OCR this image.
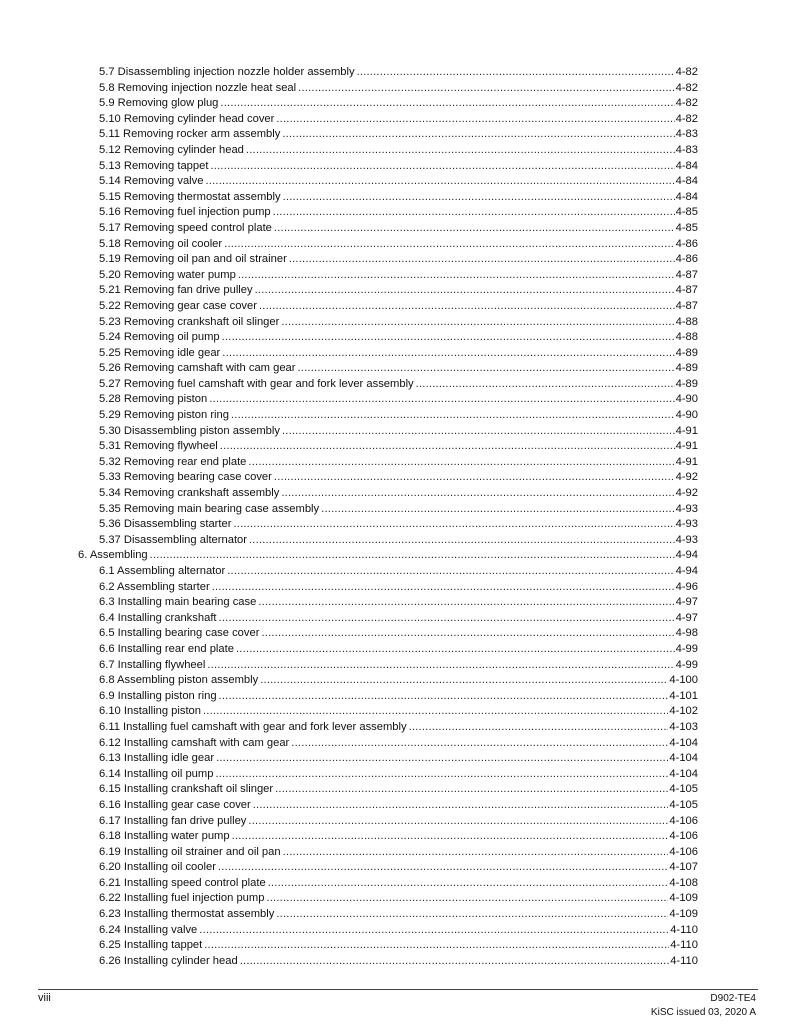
5.7 Disassembling injection nozzle holder assembly .....	4-82
5.8 Removing injection nozzle heat seal .....	4-82
5.9 Removing glow plug .....	4-82
5.10 Removing cylinder head cover .....	4-82
5.11 Removing rocker arm assembly .....	4-83
5.12 Removing cylinder head .....	4-83
5.13 Removing tappet .....	4-84
5.14 Removing valve .....	4-84
5.15 Removing thermostat assembly .....	4-84
5.16 Removing fuel injection pump .....	4-85
5.17 Removing speed control plate .....	4-85
5.18 Removing oil cooler .....	4-86
5.19 Removing oil pan and oil strainer .....	4-86
5.20 Removing water pump .....	4-87
5.21 Removing fan drive pulley .....	4-87
5.22 Removing gear case cover .....	4-87
5.23 Removing crankshaft oil slinger .....	4-88
5.24 Removing oil pump .....	4-88
5.25 Removing idle gear .....	4-89
5.26 Removing camshaft with cam gear .....	4-89
5.27 Removing fuel camshaft with gear and fork lever assembly .....	4-89
5.28 Removing piston .....	4-90
5.29 Removing piston ring .....	4-90
5.30 Disassembling piston assembly .....	4-91
5.31 Removing flywheel .....	4-91
5.32 Removing rear end plate .....	4-91
5.33 Removing bearing case cover .....	4-92
5.34 Removing crankshaft assembly .....	4-92
5.35 Removing main bearing case assembly .....	4-93
5.36 Disassembling starter .....	4-93
5.37 Disassembling alternator .....	4-93
6. Assembling .....	4-94
6.1 Assembling alternator .....	4-94
6.2 Assembling starter .....	4-96
6.3 Installing main bearing case .....	4-97
6.4 Installing crankshaft .....	4-97
6.5 Installing bearing case cover .....	4-98
6.6 Installing rear end plate .....	4-99
6.7 Installing flywheel .....	4-99
6.8 Assembling piston assembly .....	4-100
6.9 Installing piston ring .....	4-101
6.10 Installing piston .....	4-102
6.11 Installing fuel camshaft with gear and fork lever assembly .....	4-103
6.12 Installing camshaft with cam gear .....	4-104
6.13 Installing idle gear .....	4-104
6.14 Installing oil pump .....	4-104
6.15 Installing crankshaft oil slinger .....	4-105
6.16 Installing gear case cover .....	4-105
6.17 Installing fan drive pulley .....	4-106
6.18 Installing water pump .....	4-106
6.19 Installing oil strainer and oil pan .....	4-106
6.20 Installing oil cooler .....	4-107
6.21 Installing speed control plate .....	4-108
6.22 Installing fuel injection pump .....	4-109
6.23 Installing thermostat assembly .....	4-109
6.24 Installing valve .....	4-110
6.25 Installing tappet .....	4-110
6.26 Installing cylinder head .....	4-110
viii	D902-TE4
KiSC issued 03, 2020 A
